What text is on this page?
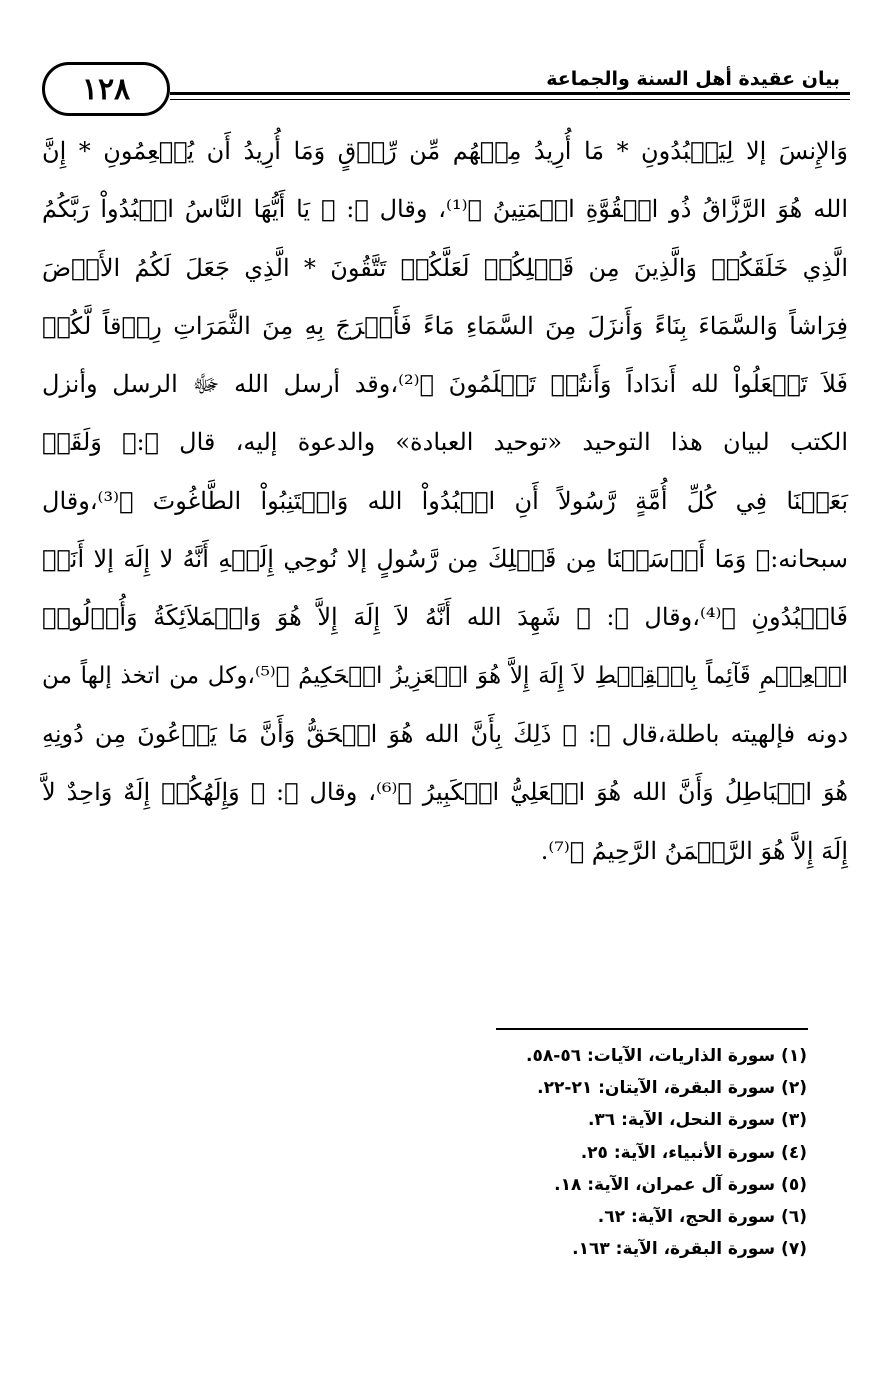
١٢٨	بيان عقيدة أهل السنة والجماعة
وَالإِنسَ إلا لِيَعۡبُدُونِ * مَا أُرِيدُ مِنۡهُم مِّن رِّزۡقٍ وَمَا أُرِيدُ أَن يُطۡعِمُونِ * إِنَّ
الله هُوَ الرَّزَّاقُ ذُو الۡقُوَّةِ الۡمَتِينُ ﴾⁽¹⁾، وقال ﷻ: ﴿ يَا أَيُّهَا النَّاسُ اعۡبُدُواْ رَبَّكُمُ
الَّذِي خَلَقَكُمۡ وَالَّذِينَ مِن قَبۡلِكُمۡ لَعَلَّكُمۡ تَتَّقُونَ * الَّذِي جَعَلَ لَكُمُ الأَرۡضَ
فِرَاشاً وَالسَّمَاءَ بِنَاءً وَأَنزَلَ مِنَ السَّمَاءِ مَاءً فَأَخۡرَجَ بِهِ مِنَ الثَّمَرَاتِ رِزۡقاً لَّكُمۡ
فَلاَ تَجۡعَلُواْ لله أَندَاداً وَأَنتُمۡ تَعۡلَمُونَ ﴾⁽²⁾،وقد أرسل الله ﷻ الرسل وأنزل
الكتب لبيان هذا التوحيد «توحيد العبادة» والدعوة إليه، قال ﷻ:﴿ وَلَقَدۡ
بَعَثۡنَا فِي كُلِّ أُمَّةٍ رَّسُولاً أَنِ اعۡبُدُواْ الله وَاجۡتَنِبُواْ الطَّاغُوتَ ﴾⁽³⁾،وقال
سبحانه:﴿ وَمَا أَرۡسَلۡنَا مِن قَبۡلِكَ مِن رَّسُولٍ إلا نُوحِي إِلَيۡهِ أَنَّهُ لا إِلَهَ إلا أَنَاۡ
فَاعۡبُدُونِ ﴾⁽⁴⁾،وقال ﷻ: ﴿ شَهِدَ الله أَنَّهُ لاَ إِلَهَ إِلاَّ هُوَ وَالۡمَلاَئِكَةُ وَأُوۡلُواۡ
الۡعِلۡمِ قَآئِماً بِالۡقِسۡطِ لاَ إِلَهَ إِلاَّ هُوَ الۡعَزِيزُ الۡحَكِيمُ ﴾⁽⁵⁾،وكل من اتخذ إلهاً من
دونه فإلهيته باطلة،قال ﷻ: ﴿ ذَلِكَ بِأَنَّ الله هُوَ الۡحَقُّ وَأَنَّ مَا يَدۡعُونَ مِن دُونِهِ
هُوَ الۡبَاطِلُ وَأَنَّ الله هُوَ الۡعَلِيُّ الۡكَبِيرُ ﴾⁽⁶⁾، وقال ﷻ: ﴿ وَإِلَهُكُمۡ إِلَهٌ وَاحِدٌ لاَّ
إِلَهَ إِلاَّ هُوَ الرَّحۡمَنُ الرَّحِيمُ ﴾⁽⁷⁾.
(١) سورة الذاريات، الآيات: ٥٦-٥٨.
(٢) سورة البقرة، الآيتان: ٢١-٢٢.
(٣) سورة النحل، الآية: ٣٦.
(٤) سورة الأنبياء، الآية: ٢٥.
(٥) سورة آل عمران، الآية: ١٨.
(٦) سورة الحج، الآية: ٦٢.
(٧) سورة البقرة، الآية: ١٦٣.
